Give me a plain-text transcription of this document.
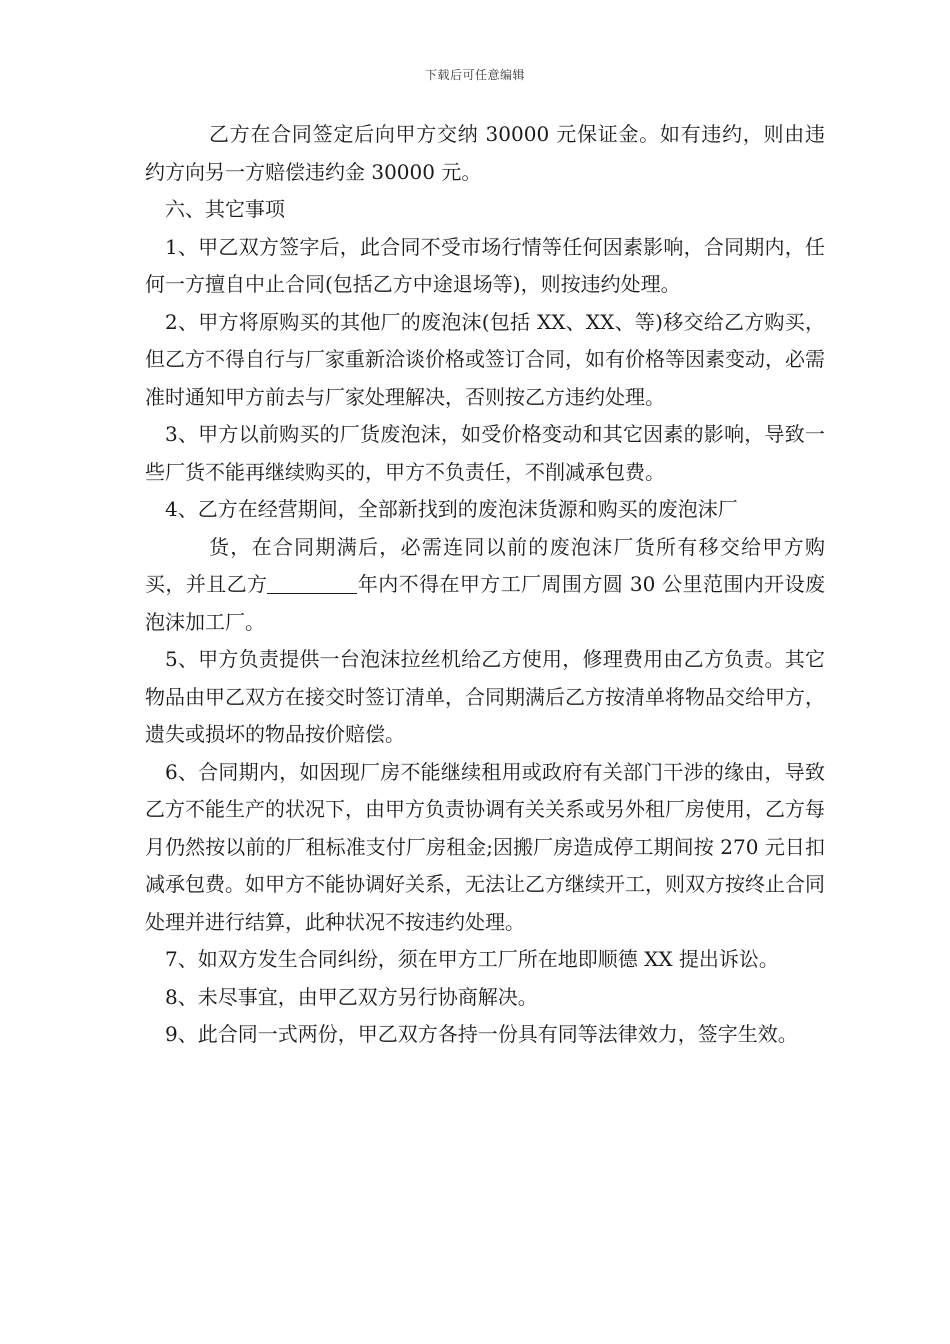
下载后可任意编辑

乙方在合同签定后向甲方交纳 30000 元保证金。如有违约，则由违约方向另一方赔偿违约金 30000 元。

六、其它事项

1、甲乙双方签字后，此合同不受市场行情等任何因素影响，合同期内，任何一方擅自中止合同(包括乙方中途退场等)，则按违约处理。

2、甲方将原购买的其他厂的废泡沫(包括 XX、XX、等)移交给乙方购买，但乙方不得自行与厂家重新洽谈价格或签订合同，如有价格等因素变动，必需准时通知甲方前去与厂家处理解决，否则按乙方违约处理。

3、甲方以前购买的厂货废泡沫，如受价格变动和其它因素的影响，导致一些厂货不能再继续购买的，甲方不负责任，不削减承包费。

4、乙方在经营期间，全部新找到的废泡沫货源和购买的废泡沫厂

货，在合同期满后，必需连同以前的废泡沫厂货所有移交给甲方购买，并且乙方	年内不得在甲方工厂周围方圆 30 公里范围内开设废泡沫加工厂。

5、甲方负责提供一台泡沫拉丝机给乙方使用，修理费用由乙方负责。其它物品由甲乙双方在接交时签订清单，合同期满后乙方按清单将物品交给甲方，遗失或损坏的物品按价赔偿。

6、合同期内，如因现厂房不能继续租用或政府有关部门干涉的缘由，导致乙方不能生产的状况下，由甲方负责协调有关关系或另外租厂房使用，乙方每月仍然按以前的厂租标准支付厂房租金;因搬厂房造成停工期间按 270 元日扣减承包费。如甲方不能协调好关系，无法让乙方继续开工，则双方按终止合同处理并进行结算，此种状况不按违约处理。

7、如双方发生合同纠纷，须在甲方工厂所在地即顺德 XX 提出诉讼。

8、未尽事宜，由甲乙双方另行协商解决。

9、此合同一式两份，甲乙双方各持一份具有同等法律效力，签字生效。
